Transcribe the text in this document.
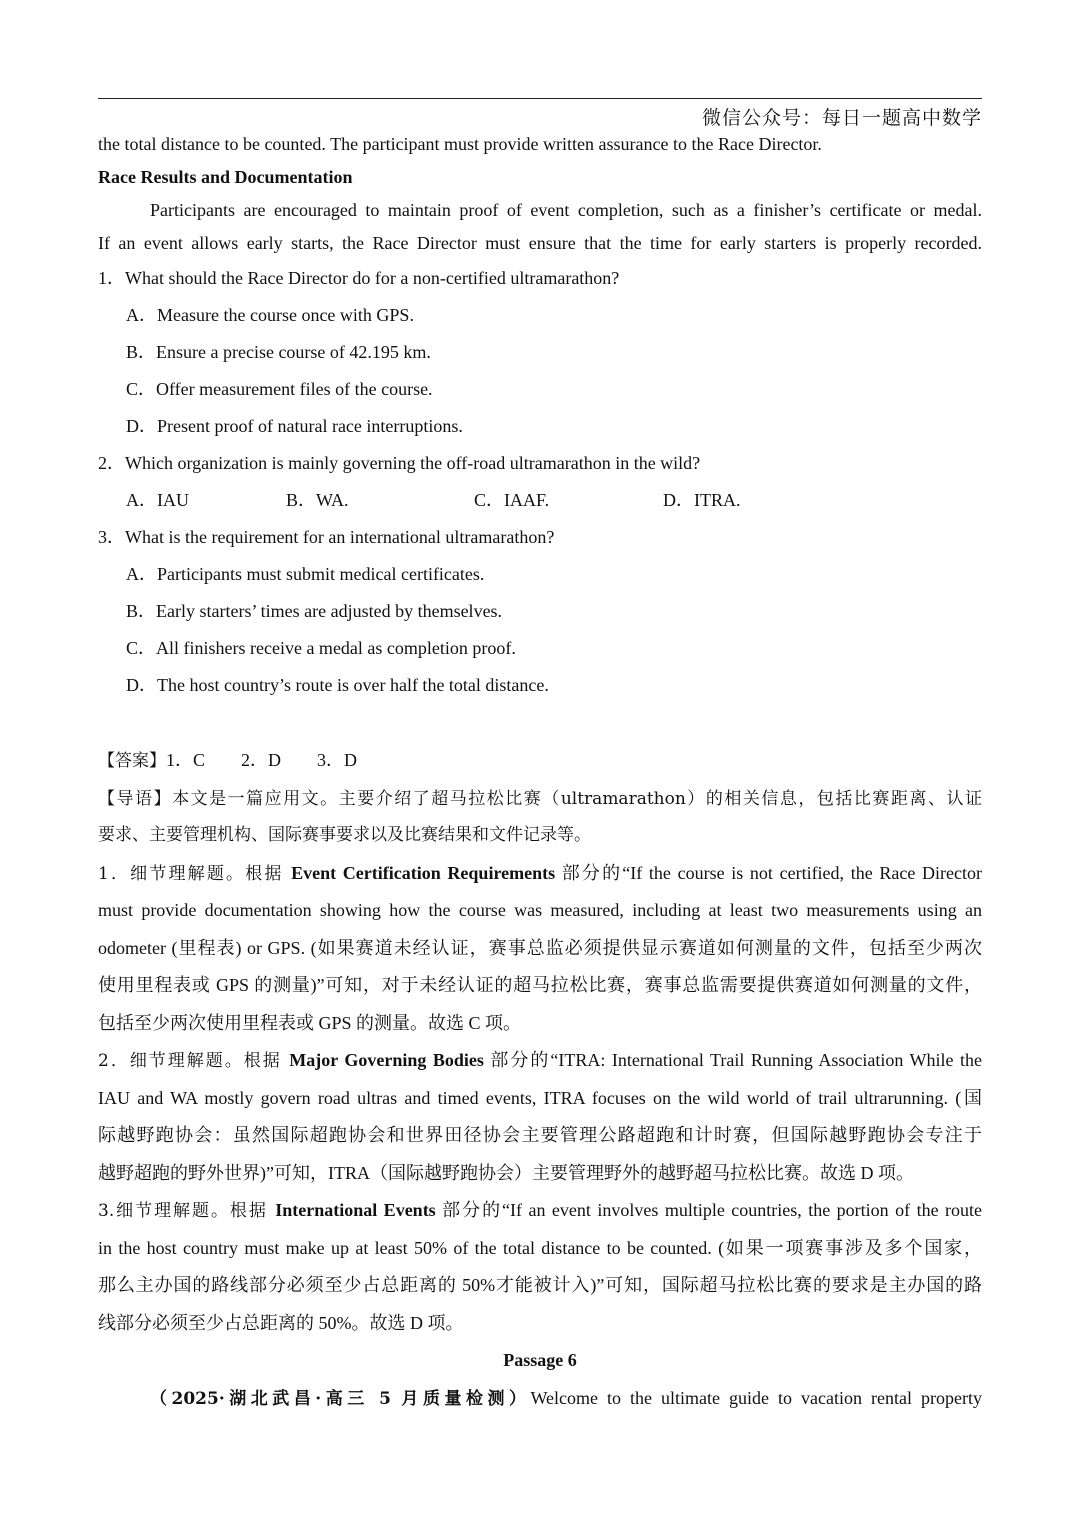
微信公众号：每日一题高中数学
the total distance to be counted. The participant must provide written assurance to the Race Director.
Race Results and Documentation
Participants are encouraged to maintain proof of event completion, such as a finisher’s certificate or medal.
If an event allows early starts, the Race Director must ensure that the time for early starters is properly recorded.
1．What should the Race Director do for a non-certified ultramarathon?
A．Measure the course once with GPS.
B．Ensure a precise course of 42.195 km.
C．Offer measurement files of the course.
D．Present proof of natural race interruptions.
2．Which organization is mainly governing the off-road ultramarathon in the wild?
A．IAU	B．WA.	C．IAAF.	D．ITRA.
3．What is the requirement for an international ultramarathon?
A．Participants must submit medical certificates.
B．Early starters’ times are adjusted by themselves.
C．All finishers receive a medal as completion proof.
D．The host country’s route is over half the total distance.
【答案】1．C　　2．D　　3．D
【导语】本文是一篇应用文。主要介绍了超马拉松比赛（ultramarathon）的相关信息，包括比赛距离、认证
要求、主要管理机构、国际赛事要求以及比赛结果和文件记录等。
1．细节理解题。根据 Event Certification Requirements 部分的“If the course is not certified, the Race Director
must provide documentation showing how the course was measured, including at least two measurements using an
odometer (里程表) or GPS. (如果赛道未经认证，赛事总监必须提供显示赛道如何测量的文件，包括至少两次
使用里程表或 GPS 的测量)”可知，对于未经认证的超马拉松比赛，赛事总监需要提供赛道如何测量的文件，
包括至少两次使用里程表或 GPS 的测量。故选 C 项。
2．细节理解题。根据 Major Governing Bodies 部分的“ITRA: International Trail Running Association While the
IAU and WA mostly govern road ultras and timed events, ITRA focuses on the wild world of trail ultrarunning. (国
际越野跑协会：虽然国际超跑协会和世界田径协会主要管理公路超跑和计时赛，但国际越野跑协会专注于
越野超跑的野外世界)”可知，ITRA（国际越野跑协会）主要管理野外的越野超马拉松比赛。故选 D 项。
3.细节理解题。根据 International Events 部分的“If an event involves multiple countries, the portion of the route
in the host country must make up at least 50% of the total distance to be counted. (如果一项赛事涉及多个国家，
那么主办国的路线部分必须至少占总距离的 50%才能被计入)”可知，国际超马拉松比赛的要求是主办国的路
线部分必须至少占总距离的 50%。故选 D 项。
Passage 6
（2025·湖北武昌·高三 5 月质量检测）Welcome to the ultimate guide to vacation rental property
